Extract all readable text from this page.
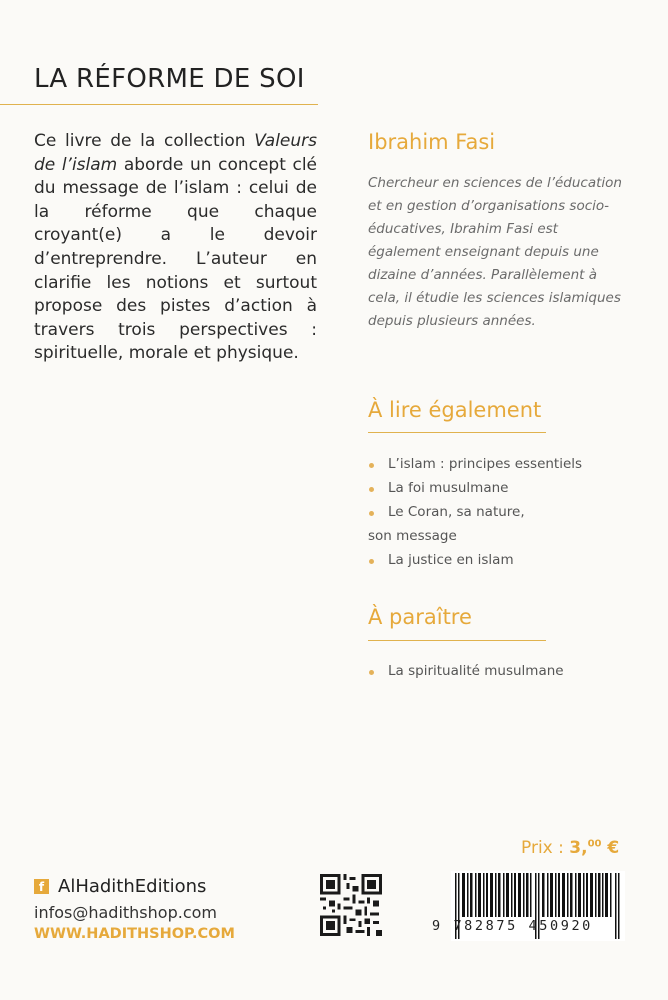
LA RÉFORME DE SOI
Ce livre de la collection Valeurs de l’islam aborde un concept clé du message de l’islam : celui de la réforme que chaque croyant(e) a le devoir d’entreprendre. L’auteur en clarifie les notions et surtout propose des pistes d’action à travers trois perspectives : spirituelle, morale et physique.
Ibrahim Fasi
Chercheur en sciences de l’éducation et en gestion d’organisations socio-éducatives, Ibrahim Fasi est également enseignant depuis une dizaine d’années. Parallèlement à cela, il étudie les sciences islamiques depuis plusieurs années.
À lire également
L’islam : principes essentiels
La foi musulmane
Le Coran, sa nature,
son message
La justice en islam
À paraître
La spiritualité musulmane
Prix : 3,00 €
f AlHadithEditions
infos@hadithshop.com
WWW.HADITHSHOP.COM	9 782875 450920
